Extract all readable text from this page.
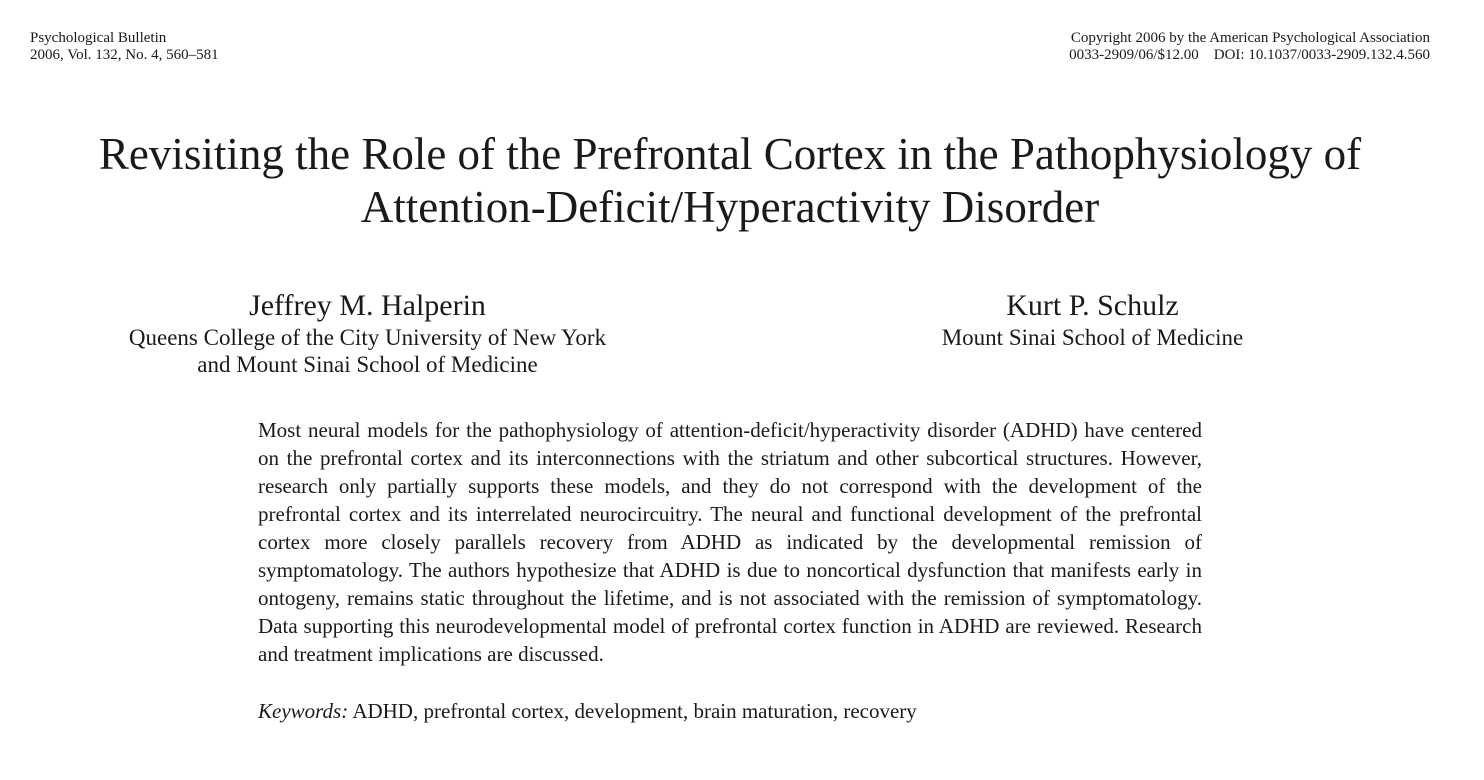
Psychological Bulletin
2006, Vol. 132, No. 4, 560–581
Copyright 2006 by the American Psychological Association
0033-2909/06/$12.00    DOI: 10.1037/0033-2909.132.4.560
Revisiting the Role of the Prefrontal Cortex in the Pathophysiology of
Attention-Deficit/Hyperactivity Disorder
Jeffrey M. Halperin
Queens College of the City University of New York
and Mount Sinai School of Medicine
Kurt P. Schulz
Mount Sinai School of Medicine

Most neural models for the pathophysiology of attention-deficit/hyperactivity disorder (ADHD) have centered on the prefrontal cortex and its interconnections with the striatum and other subcortical structures. However, research only partially supports these models, and they do not correspond with the development of the prefrontal cortex and its interrelated neurocircuitry. The neural and functional development of the prefrontal cortex more closely parallels recovery from ADHD as indicated by the developmental remission of symptomatology. The authors hypothesize that ADHD is due to noncortical dysfunction that manifests early in ontogeny, remains static throughout the lifetime, and is not associated with the remission of symptomatology. Data supporting this neurodevelopmental model of prefrontal cortex function in ADHD are reviewed. Research and treatment implications are discussed.

Keywords: ADHD, prefrontal cortex, development, brain maturation, recovery
